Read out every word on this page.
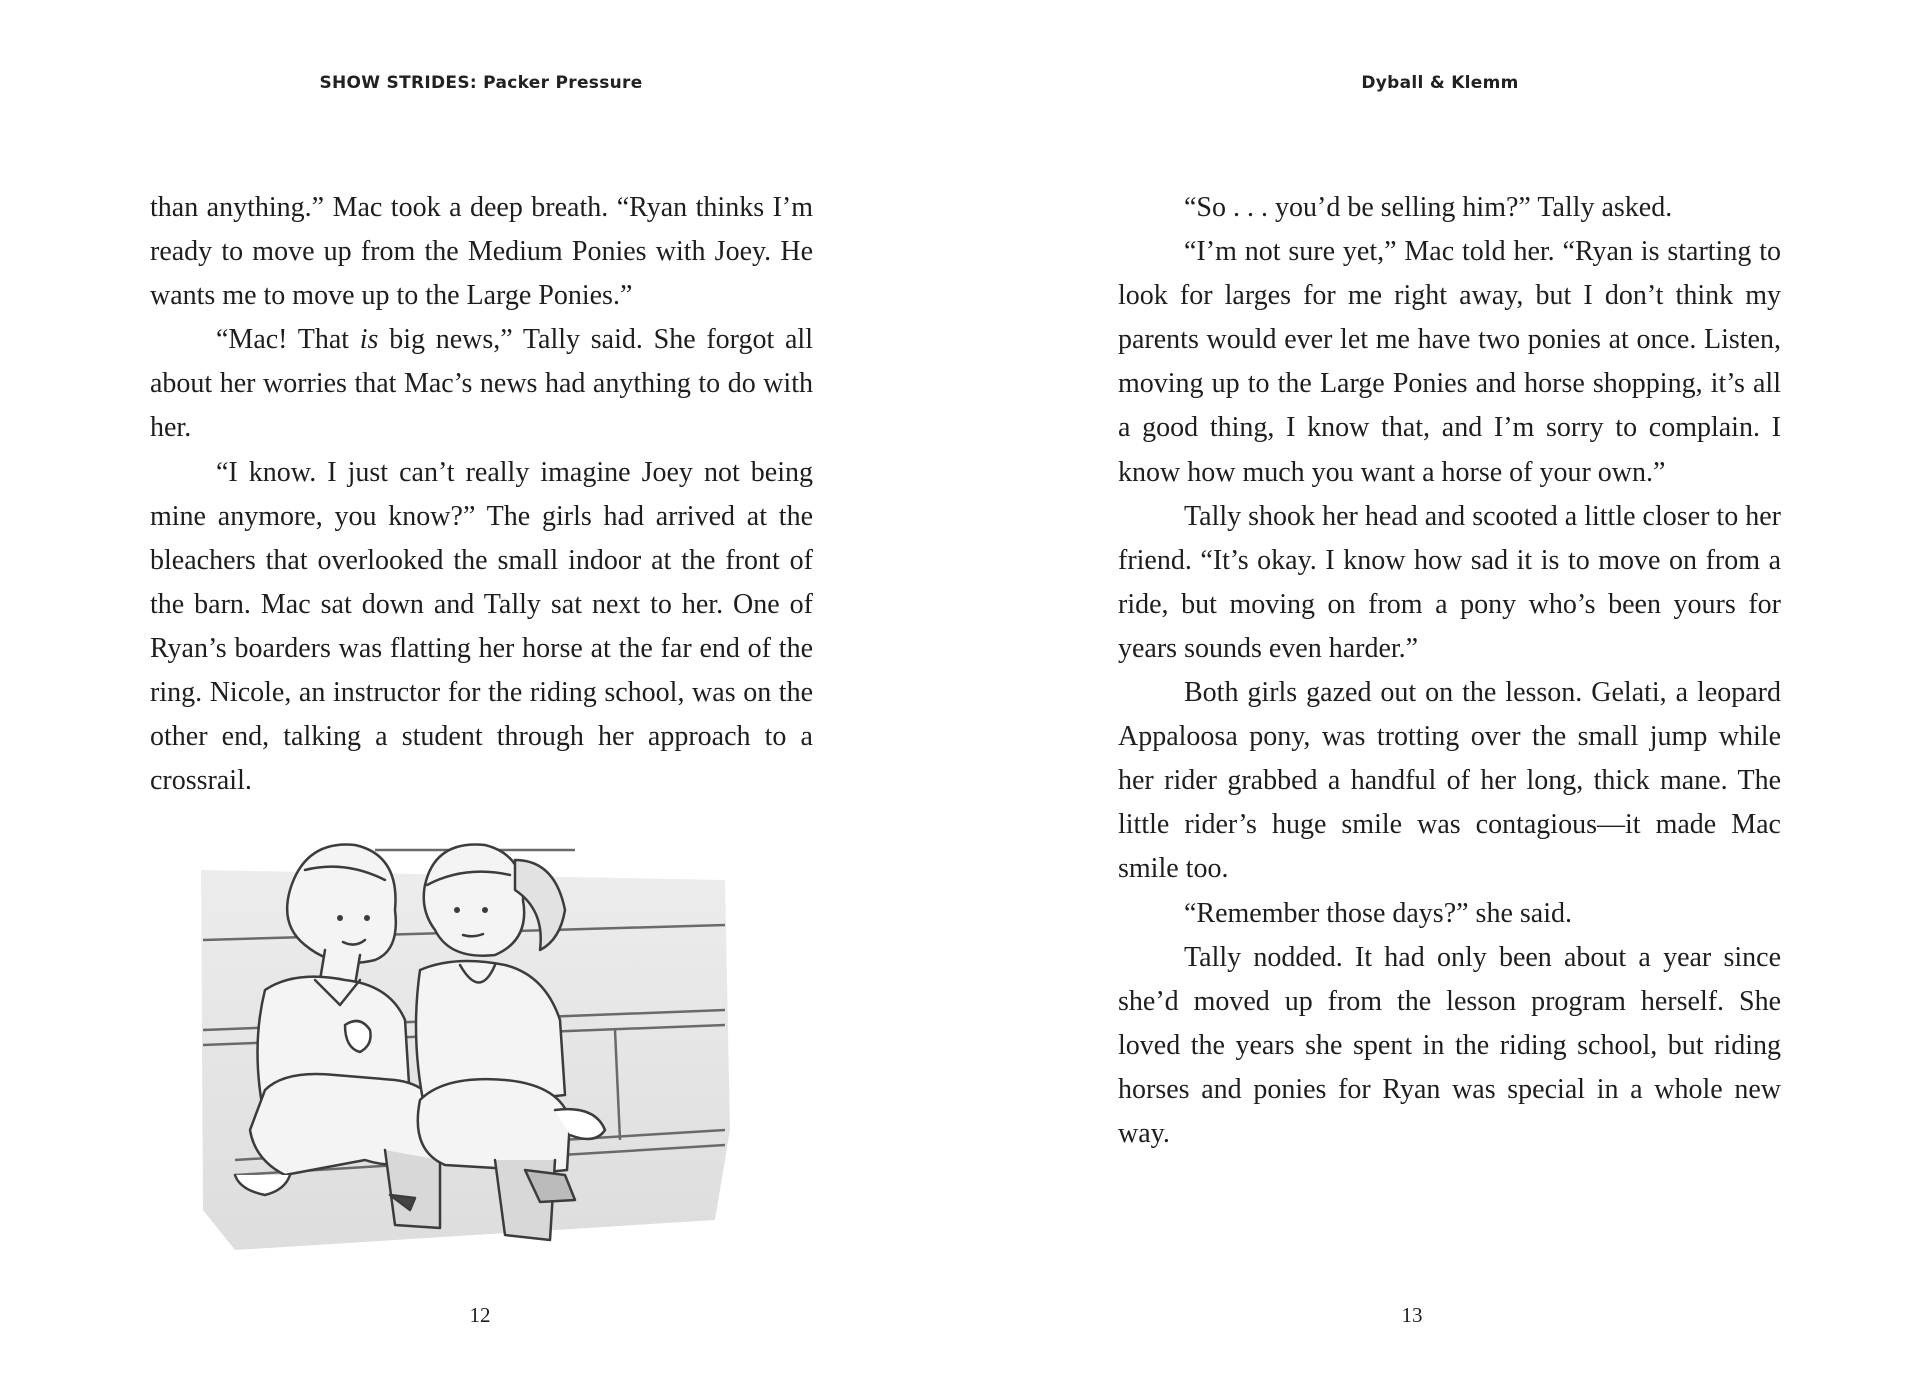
SHOW STRIDES: Packer Pressure

than anything.” Mac took a deep breath. “Ryan thinks I’m ready to move up from the Medium Ponies with Joey. He wants me to move up to the Large Ponies.”

“Mac! That is big news,” Tally said. She forgot all about her worries that Mac’s news had anything to do with her.

“I know. I just can’t really imagine Joey not being mine anymore, you know?” The girls had arrived at the bleachers that overlooked the small indoor at the front of the barn. Mac sat down and Tally sat next to her. One of Ryan’s boarders was flatting her horse at the far end of the ring. Nicole, an instructor for the riding school, was on the other end, talking a student through her approach to a crossrail.

12
Dyball & Klemm

“So . . . you’d be selling him?” Tally asked.

“I’m not sure yet,” Mac told her. “Ryan is starting to look for larges for me right away, but I don’t think my parents would ever let me have two ponies at once. Listen, moving up to the Large Ponies and horse shopping, it’s all a good thing, I know that, and I’m sorry to complain. I know how much you want a horse of your own.”

Tally shook her head and scooted a little closer to her friend. “It’s okay. I know how sad it is to move on from a ride, but moving on from a pony who’s been yours for years sounds even harder.”

Both girls gazed out on the lesson. Gelati, a leopard Appaloosa pony, was trotting over the small jump while her rider grabbed a handful of her long, thick mane. The little rider’s huge smile was contagious—it made Mac smile too.

“Remember those days?” she said.

Tally nodded. It had only been about a year since she’d moved up from the lesson program herself. She loved the years she spent in the riding school, but riding horses and ponies for Ryan was special in a whole new way.

13
